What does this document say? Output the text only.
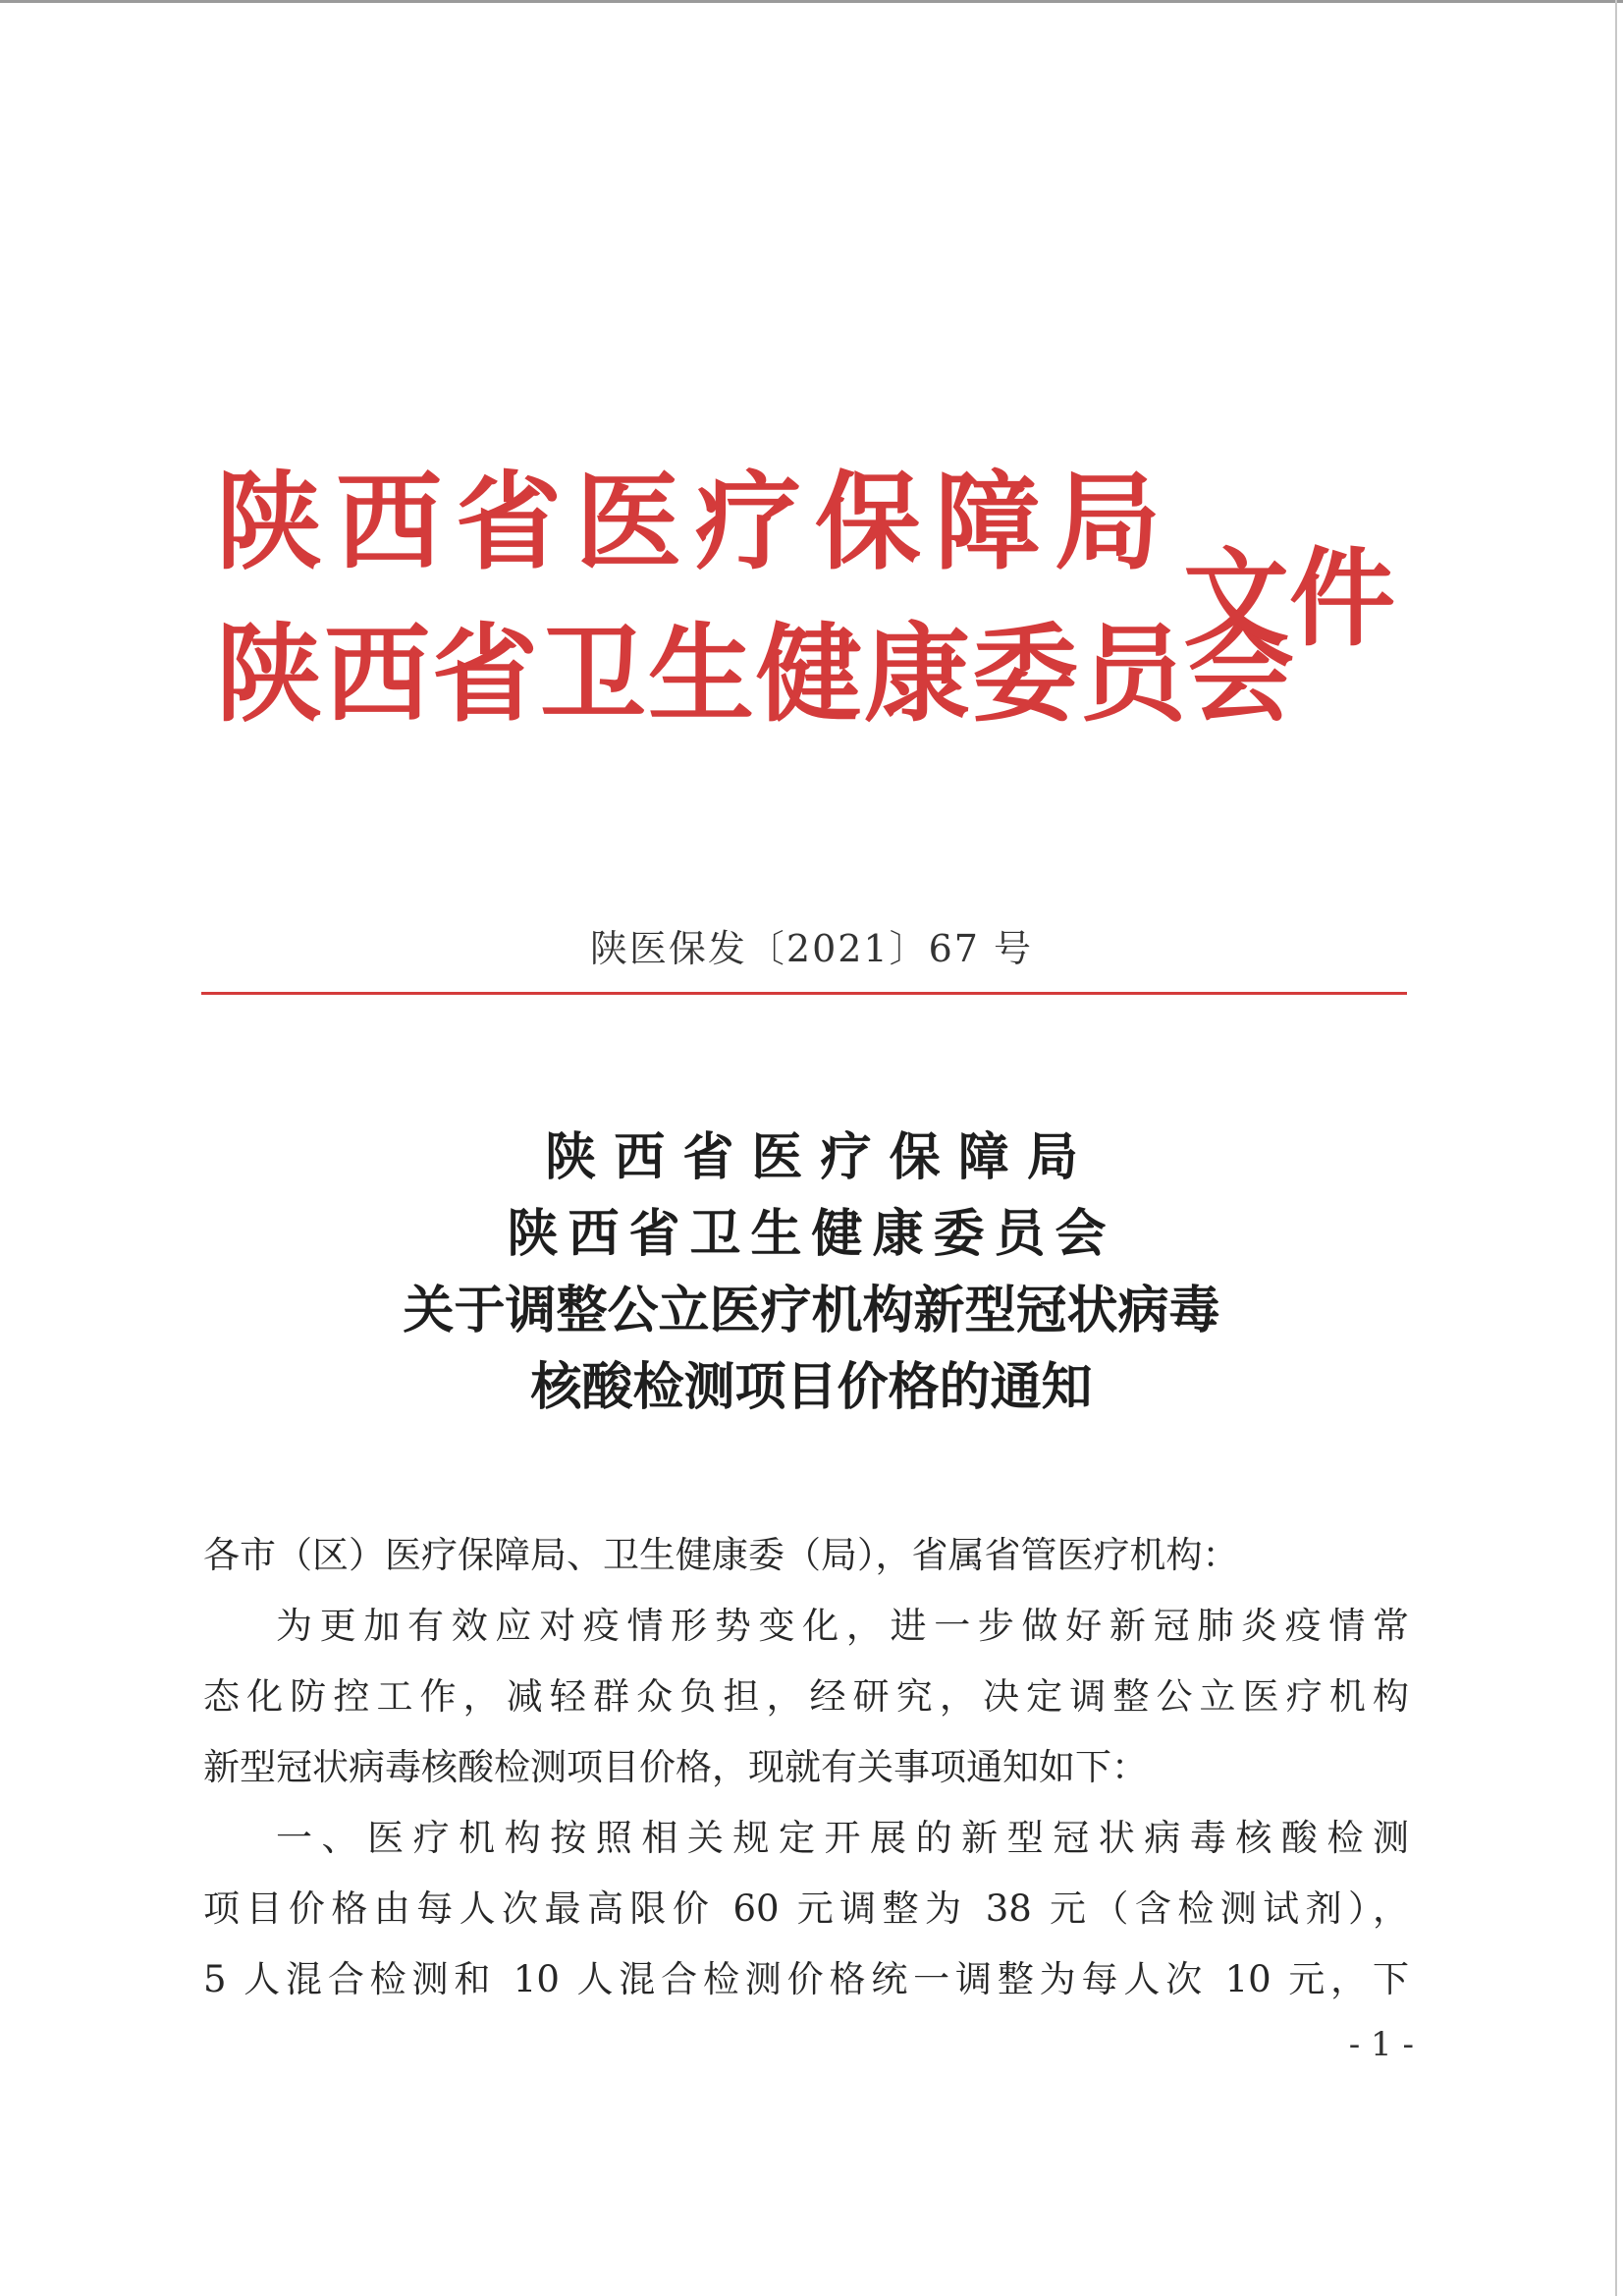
陕西省医疗保障局
陕西省卫生健康委员会
文件
陕医保发〔2021〕67 号
陕 西 省 医 疗 保 障 局
陕西省卫生健康委员会
关于调整公立医疗机构新型冠状病毒
核酸检测项目价格的通知
各市（区）医疗保障局、卫生健康委（局），省属省管医疗机构：
为更加有效应对疫情形势变化，进一步做好新冠肺炎疫情常
态化防控工作，减轻群众负担，经研究，决定调整公立医疗机构
新型冠状病毒核酸检测项目价格，现就有关事项通知如下：
一、医疗机构按照相关规定开展的新型冠状病毒核酸检测
项目价格由每人次最高限价 60 元调整为 38 元（含检测试剂），
5 人混合检测和 10 人混合检测价格统一调整为每人次 10 元，下
- 1 -
